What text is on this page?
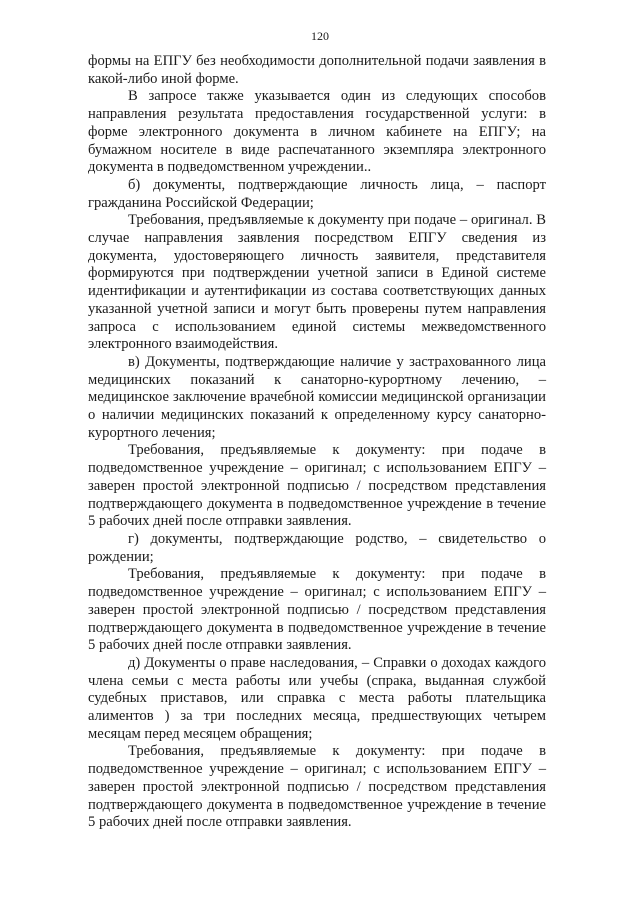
120

формы на ЕПГУ без необходимости дополнительной подачи заявления в какой-либо иной форме.

В запросе также указывается один из следующих способов направления результата предоставления государственной услуги: в форме электронного документа в личном кабинете на ЕПГУ; на бумажном носителе в виде распечатанного экземпляра электронного документа в подведомственном учреждении..

б) документы, подтверждающие личность лица, – паспорт гражданина Российской Федерации;

Требования, предъявляемые к документу при подаче – оригинал. В случае направления заявления посредством ЕПГУ сведения из документа, удостоверяющего личность заявителя, представителя формируются при подтверждении учетной записи в Единой системе идентификации и аутентификации из состава соответствующих данных указанной учетной записи и могут быть проверены путем направления запроса с использованием единой системы межведомственного электронного взаимодействия.

в) Документы, подтверждающие наличие у застрахованного лица медицинских показаний к санаторно-курортному лечению, – медицинское заключение врачебной комиссии медицинской организации о наличии медицинских показаний к определенному курсу санаторно-курортного лечения;

Требования, предъявляемые к документу: при подаче в подведомственное учреждение – оригинал; с использованием ЕПГУ – заверен простой электронной подписью / посредством представления подтверждающего документа в подведомственное учреждение в течение 5 рабочих дней после отправки заявления.

г) документы, подтверждающие родство, – свидетельство о рождении;

Требования, предъявляемые к документу: при подаче в подведомственное учреждение – оригинал; с использованием ЕПГУ – заверен простой электронной подписью / посредством представления подтверждающего документа в подведомственное учреждение в течение 5 рабочих дней после отправки заявления.

д) Документы о праве наследования, – Справки о доходах каждого члена семьи с места работы или учебы (спрака, выданная службой судебных приставов, или справка с места работы плательщика алиментов ) за три последних месяца, предшествующих четырем месяцам перед месяцем обращения;

Требования, предъявляемые к документу: при подаче в подведомственное учреждение – оригинал; с использованием ЕПГУ – заверен простой электронной подписью / посредством представления подтверждающего документа в подведомственное учреждение в течение 5 рабочих дней после отправки заявления.
